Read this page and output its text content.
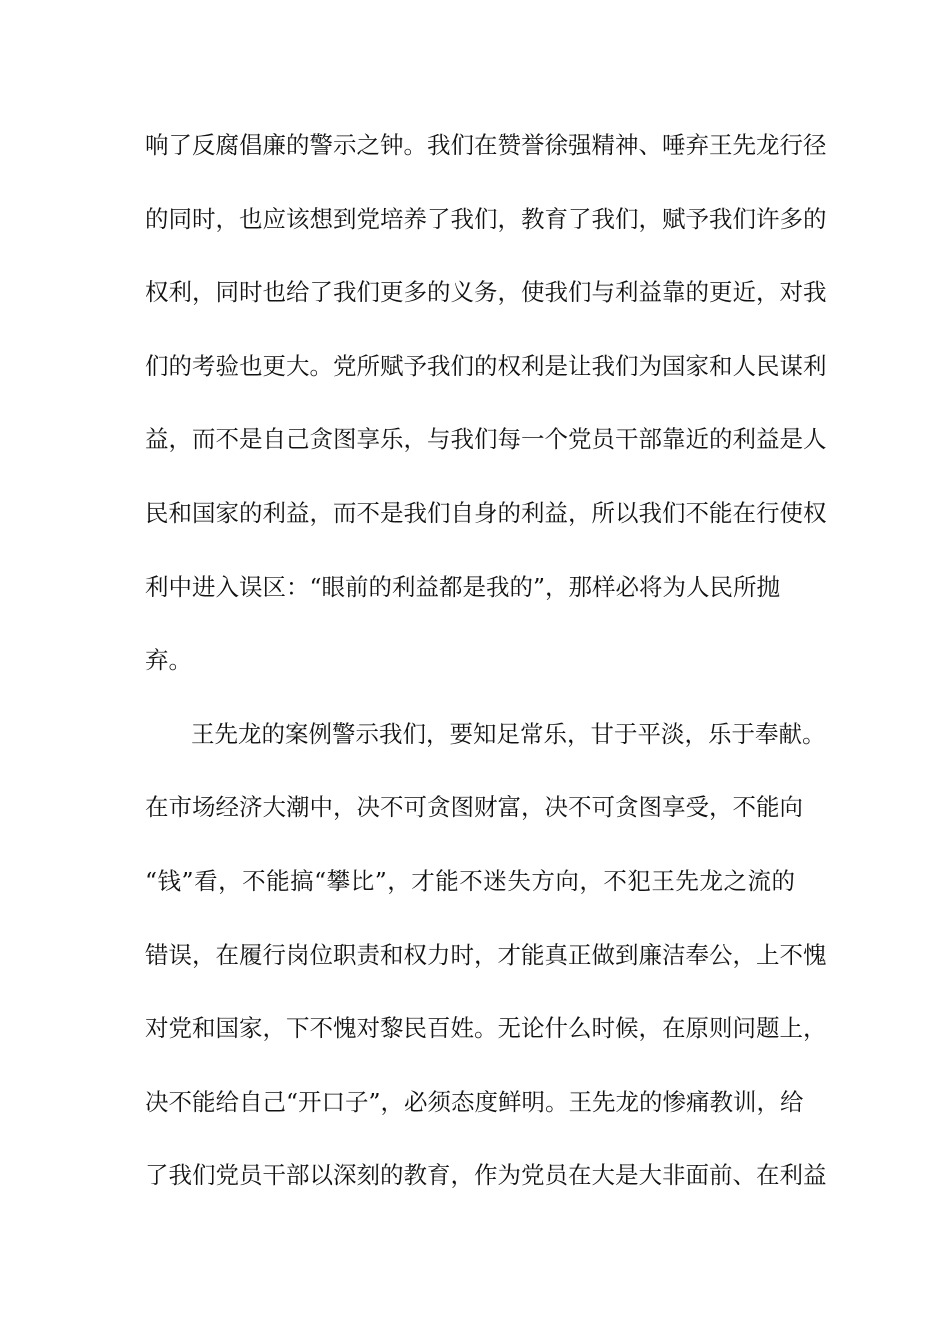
响了反腐倡廉的警示之钟。我们在赞誉徐强精神、唾弃王先龙行径
的同时，也应该想到党培养了我们，教育了我们，赋予我们许多的
权利，同时也给了我们更多的义务，使我们与利益靠的更近，对我
们的考验也更大。党所赋予我们的权利是让我们为国家和人民谋利
益，而不是自己贪图享乐，与我们每一个党员干部靠近的利益是人
民和国家的利益，而不是我们自身的利益，所以我们不能在行使权
利中进入误区：“眼前的利益都是我的”，那样必将为人民所抛
弃。
王先龙的案例警示我们，要知足常乐，甘于平淡，乐于奉献。
在市场经济大潮中，决不可贪图财富，决不可贪图享受，不能向
“钱”看，不能搞“攀比”，才能不迷失方向，不犯王先龙之流的
错误，在履行岗位职责和权力时，才能真正做到廉洁奉公，上不愧
对党和国家，下不愧对黎民百姓。无论什么时候，在原则问题上，
决不能给自己“开口子”，必须态度鲜明。王先龙的惨痛教训，给
了我们党员干部以深刻的教育，作为党员在大是大非面前、在利益
